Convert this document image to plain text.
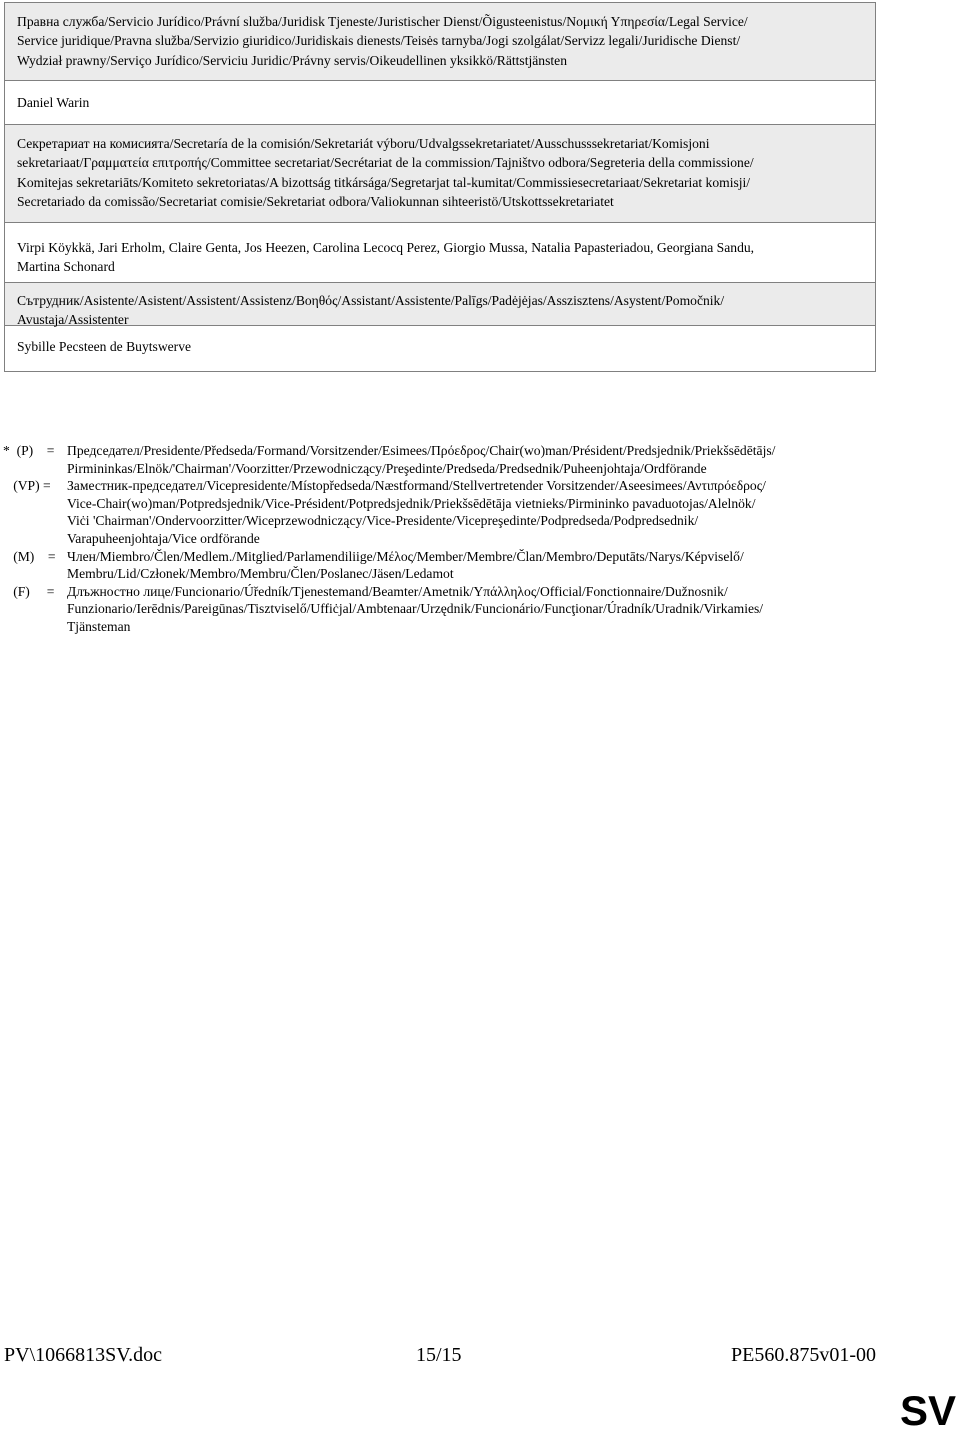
Правна служба/Servicio Jurídico/Právní služba/Juridisk Tjeneste/Juristischer Dienst/Õigusteenistus/Νομική Υπηρεσία/Legal Service/
Service juridique/Pravna služba/Servizio giuridico/Juridiskais dienests/Teisės tarnyba/Jogi szolgálat/Servizz legali/Juridische Dienst/
Wydział prawny/Serviço Jurídico/Serviciu Juridic/Právny servis/Oikeudellinen yksikkö/Rättstjänsten
Daniel Warin
Секретариат на комисията/Secretaría de la comisión/Sekretariát výboru/Udvalgssekretariatet/Ausschusssekretariat/Komisjoni
sekretariaat/Γραμματεία επιτροπής/Committee secretariat/Secrétariat de la commission/Tajništvo odbora/Segreteria della commissione/
Komitejas sekretariāts/Komiteto sekretoriatas/A bizottság titkársága/Segretarjat tal-kumitat/Commissiesecretariaat/Sekretariat komisji/
Secretariado da comissão/Secretariat comisie/Sekretariat odbora/Valiokunnan sihteeristö/Utskottssekretariatet
Virpi Köykkä, Jari Erholm, Claire Genta, Jos Heezen, Carolina Lecocq Perez, Giorgio Mussa, Natalia Papasteriadou, Georgiana Sandu,
Martina Schonard
Сътрудник/Asistente/Asistent/Assistent/Assistenz/Βοηθός/Assistant/Assistente/Palīgs/Padėjėjas/Asszisztens/Asystent/Pomočnik/
Avustaja/Assistenter
Sybille Pecsteen de Buytswerve
*  (P)    = Председател/Presidente/Předseda/Formand/Vorsitzender/Esimees/Πρόεδρος/Chair(wo)man/Président/Predsjednik/Priekšsēdētājs/
Pirmininkas/Elnök/'Chairman'/Voorzitter/Przewodniczący/Preşedinte/Predseda/Predsednik/Puheenjohtaja/Ordförande
(VP) =	Заместник-председател/Vicepresidente/Místopředseda/Næstformand/Stellvertretender Vorsitzender/Aseesimees/Αντιπρόεδρος/
Vice-Chair(wo)man/Potpredsjednik/Vice-Président/Potpredsjednik/Priekšsēdētāja vietnieks/Pirmininko pavaduotojas/Alelnök/
Viċi 'Chairman'/Ondervoorzitter/Wiceprzewodniczący/Vice-Presidente/Vicepreşedinte/Podpredseda/Podpredsednik/
Varapuheenjohtaja/Vice ordförande
(M)    = Член/Miembro/Člen/Medlem./Mitglied/Parlamendiliige/Μέλος/Member/Membre/Član/Membro/Deputāts/Narys/Képviselő/
Membru/Lid/Członek/Membro/Membru/Člen/Poslanec/Jäsen/Ledamot
(F)     = Длъжностно лице/Funcionario/Úředník/Tjenestemand/Beamter/Ametnik/Υπάλληλος/Official/Fonctionnaire/Dužnosnik/
Funzionario/Ierēdnis/Pareigūnas/Tisztviselő/Uffiċjal/Ambtenaar/Urzędnik/Funcionário/Funcţionar/Úradník/Uradnik/Virkamies/
Tjänsteman
PV\1066813SV.doc	15/15	PE560.875v01-00
SV
